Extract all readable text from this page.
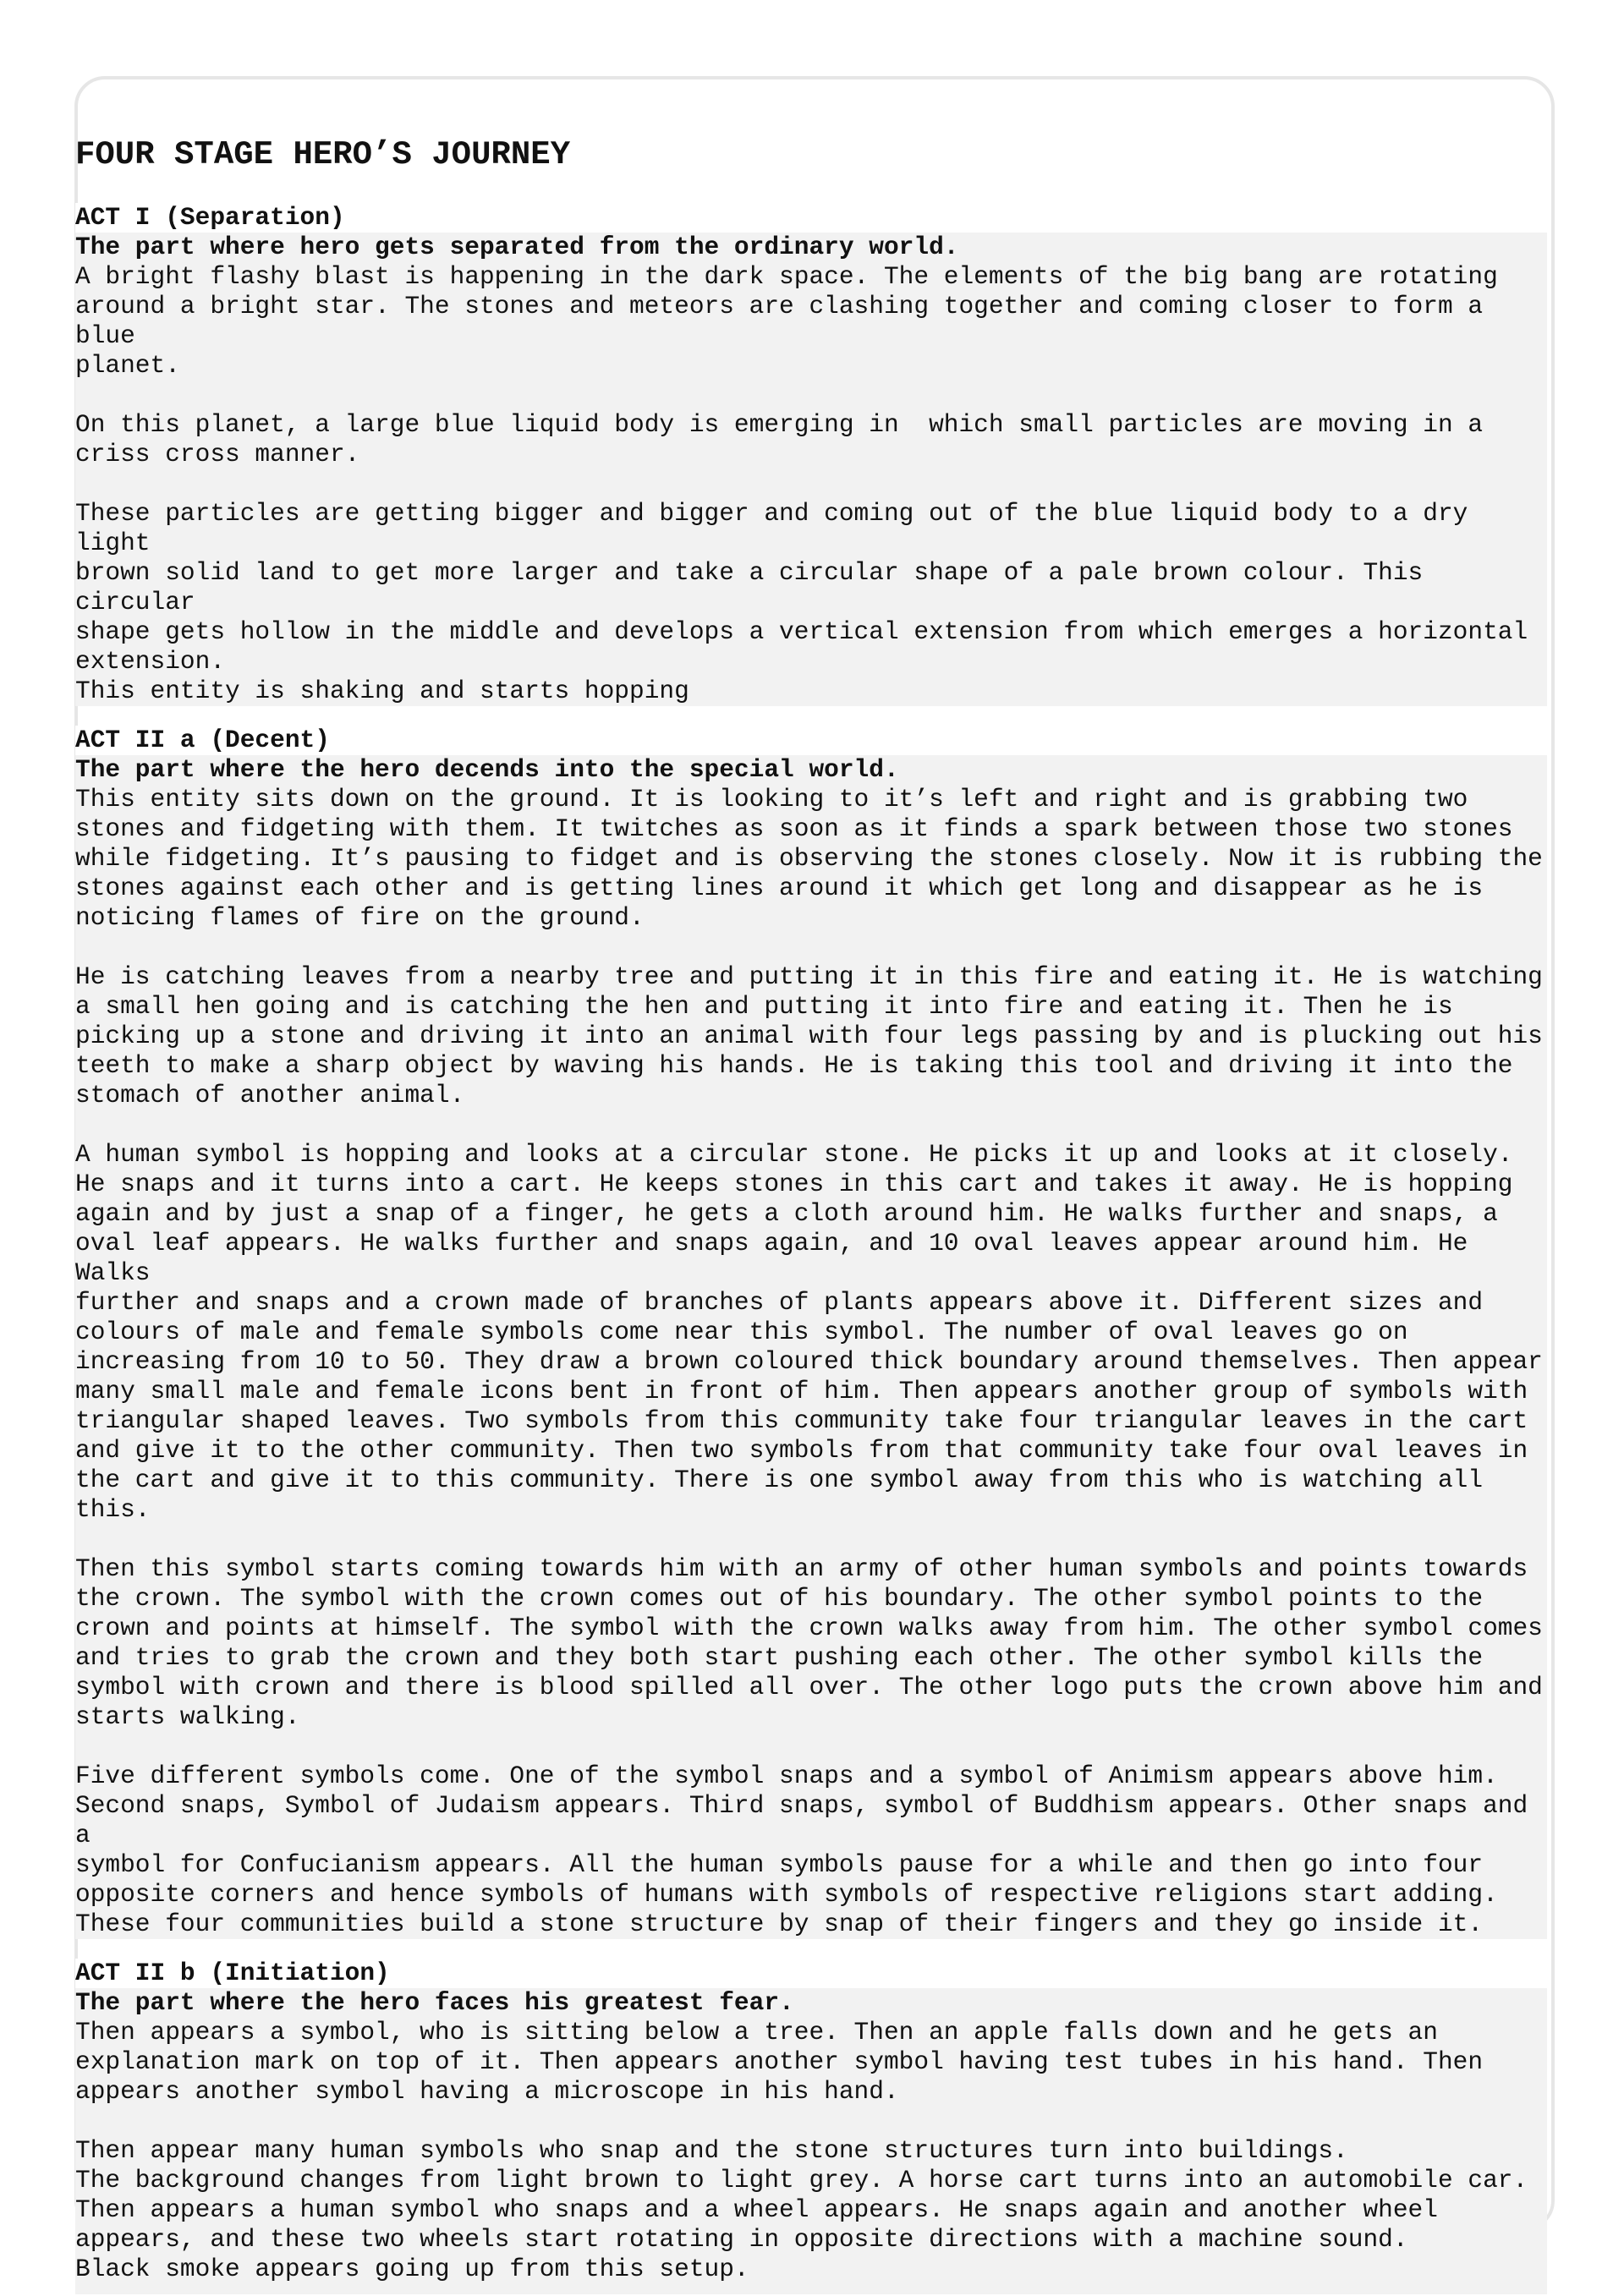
FOUR STAGE HERO’S JOURNEY
ACT I (Separation)
The part where hero gets separated from the ordinary world.

A bright flashy blast is happening in the dark space. The elements of the big bang are rotating
around a bright star. The stones and meteors are clashing together and coming closer to form a blue
planet.

On this planet, a large blue liquid body is emerging in  which small particles are moving in a
criss cross manner.

These particles are getting bigger and bigger and coming out of the blue liquid body to a dry light
brown solid land to get more larger and take a circular shape of a pale brown colour. This circular
shape gets hollow in the middle and develops a vertical extension from which emerges a horizontal
extension.
This entity is shaking and starts hopping

ACT II a (Decent)
The part where the hero decends into the special world.

This entity sits down on the ground. It is looking to it’s left and right and is grabbing two
stones and fidgeting with them. It twitches as soon as it finds a spark between those two stones
while fidgeting. It’s pausing to fidget and is observing the stones closely. Now it is rubbing the
stones against each other and is getting lines around it which get long and disappear as he is
noticing flames of fire on the ground.

He is catching leaves from a nearby tree and putting it in this fire and eating it. He is watching
a small hen going and is catching the hen and putting it into fire and eating it. Then he is
picking up a stone and driving it into an animal with four legs passing by and is plucking out his
teeth to make a sharp object by waving his hands. He is taking this tool and driving it into the
stomach of another animal.

A human symbol is hopping and looks at a circular stone. He picks it up and looks at it closely.
He snaps and it turns into a cart. He keeps stones in this cart and takes it away. He is hopping
again and by just a snap of a finger, he gets a cloth around him. He walks further and snaps, a
oval leaf appears. He walks further and snaps again, and 10 oval leaves appear around him. He Walks
further and snaps and a crown made of branches of plants appears above it. Different sizes and
colours of male and female symbols come near this symbol. The number of oval leaves go on
increasing from 10 to 50. They draw a brown coloured thick boundary around themselves. Then appear
many small male and female icons bent in front of him. Then appears another group of symbols with
triangular shaped leaves. Two symbols from this community take four triangular leaves in the cart
and give it to the other community. Then two symbols from that community take four oval leaves in
the cart and give it to this community. There is one symbol away from this who is watching all
this.

Then this symbol starts coming towards him with an army of other human symbols and points towards
the crown. The symbol with the crown comes out of his boundary. The other symbol points to the
crown and points at himself. The symbol with the crown walks away from him. The other symbol comes
and tries to grab the crown and they both start pushing each other. The other symbol kills the
symbol with crown and there is blood spilled all over. The other logo puts the crown above him and
starts walking.

Five different symbols come. One of the symbol snaps and a symbol of Animism appears above him.
Second snaps, Symbol of Judaism appears. Third snaps, symbol of Buddhism appears. Other snaps and a
symbol for Confucianism appears. All the human symbols pause for a while and then go into four
opposite corners and hence symbols of humans with symbols of respective religions start adding.
These four communities build a stone structure by snap of their fingers and they go inside it.

ACT II b (Initiation)
The part where the hero faces his greatest fear.

Then appears a symbol, who is sitting below a tree. Then an apple falls down and he gets an
explanation mark on top of it. Then appears another symbol having test tubes in his hand. Then
appears another symbol having a microscope in his hand.

Then appear many human symbols who snap and the stone structures turn into buildings.
The background changes from light brown to light grey. A horse cart turns into an automobile car.
Then appears a human symbol who snaps and a wheel appears. He snaps again and another wheel
appears, and these two wheels start rotating in opposite directions with a machine sound.
Black smoke appears going up from this setup.
